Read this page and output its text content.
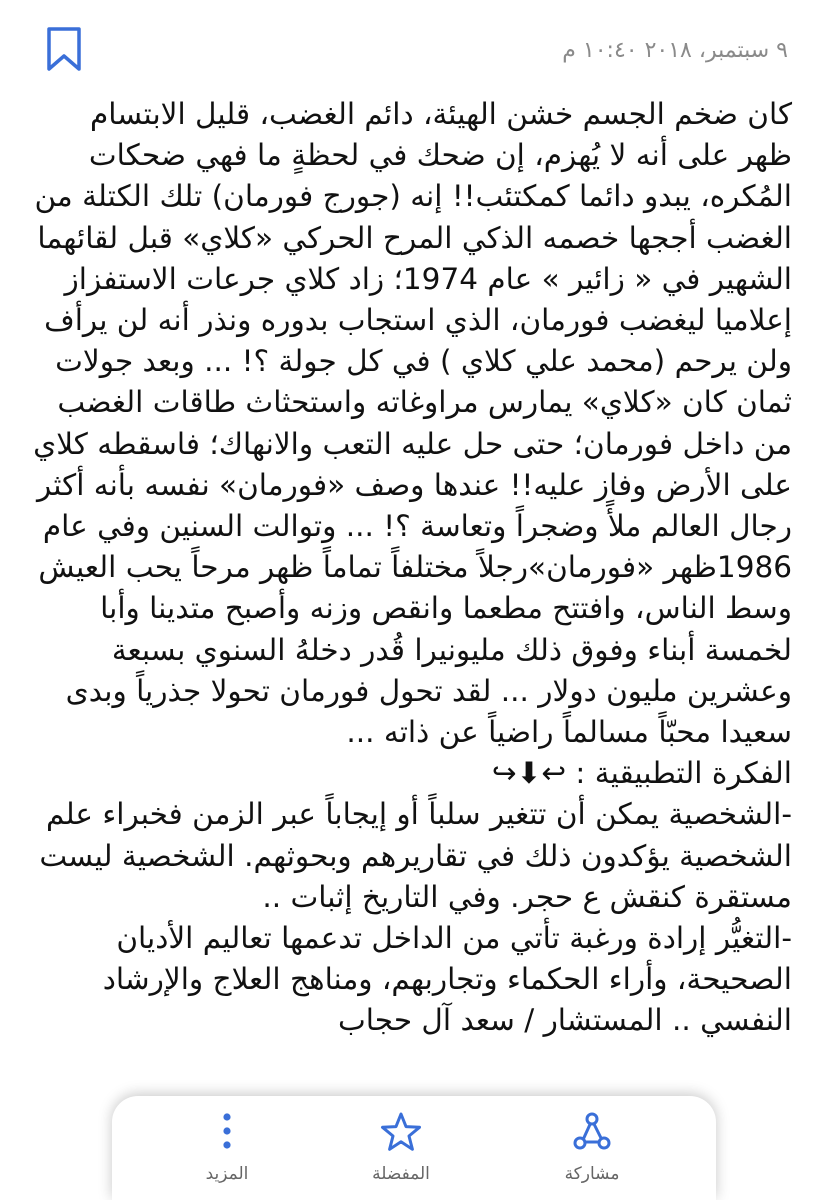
٩ سبتمبر، ٢٠١٨ ١٠:٤٠ م
كان ضخم الجسم خشن الهيئة، دائم الغضب، قليل الابتسام ظهر على أنه لا يُهزم، إن ضحك في لحظةٍ ما فهي ضحكات المُكره، يبدو دائما كمكتئب!! إنه (جورج فورمان) تلك الكتلة من الغضب أججها خصمه الذكي المرح الحركي «كلاي» قبل لقائهما الشهير في « زائير » عام 1974؛ زاد كلاي جرعات الاستفزاز إعلاميا ليغضب فورمان، الذي استجاب بدوره ونذر أنه لن يرأف ولن يرحم (محمد علي كلاي ) في كل جولة ؟! ... وبعد جولات ثمان كان «كلاي» يمارس مراوغاته واستحثاث طاقات الغضب من داخل فورمان؛ حتى حل عليه التعب والانهاك؛ فاسقطه كلاي على الأرض وفاز عليه!! عندها وصف «فورمان» نفسه بأنه أكثر رجال العالم ملأً وضجراً وتعاسة ؟! ... وتوالت السنين وفي عام 1986ظهر «فورمان»رجلاً مختلفاً تماماً ظهر مرحاً يحب العيش وسط الناس، وافتتح مطعما وانقص وزنه وأصبح متدينا وأبا لخمسة أبناء وفوق ذلك مليونيرا قُدر دخلهُ السنوي بسبعة وعشرين مليون دولار ... لقد تحول فورمان تحولا جذرياً وبدى سعيدا محبّاً مسالماً راضياً عن ذاته ...
الفكرة التطبيقية : ↩⬇↪
-الشخصية يمكن أن تتغير سلباً أو إيجاباً عبر الزمن فخبراء علم الشخصية يؤكدون ذلك في تقاريرهم وبحوثهم. الشخصية ليست مستقرة كنقش ع حجر. وفي التاريخ إثبات ..
-التغيُّر إرادة ورغبة تأتي من الداخل تدعمها تعاليم الأديان الصحيحة، وأراء الحكماء وتجاربهم، ومناهج العلاج والإرشاد النفسي .. المستشار / سعد آل حجاب
المزيد	المفضلة	مشاركة
